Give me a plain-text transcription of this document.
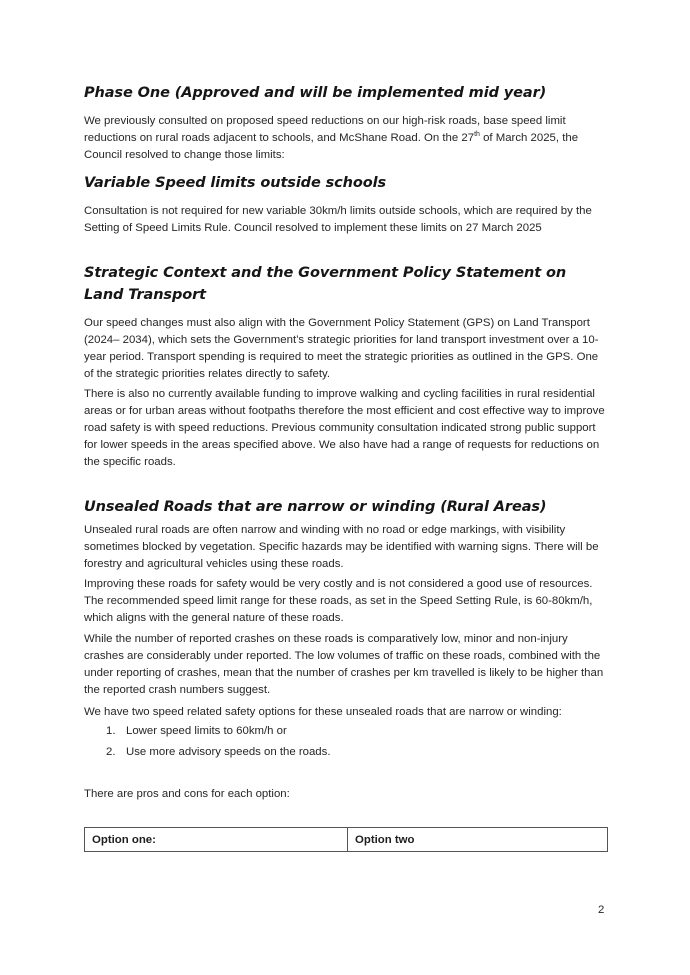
Phase One (Approved and will be implemented mid year)

We previously consulted on proposed speed reductions on our high-risk roads, base speed limit reductions on rural roads adjacent to schools, and McShane Road. On the 27th of March 2025, the Council resolved to change those limits:

Variable Speed limits outside schools

Consultation is not required for new variable 30km/h limits outside schools, which are required by the Setting of Speed Limits Rule. Council resolved to implement these limits on 27 March 2025

Strategic Context and the Government Policy Statement on Land Transport

Our speed changes must also align with the Government Policy Statement (GPS) on Land Transport (2024– 2034), which sets the Government’s strategic priorities for land transport investment over a 10-year period. Transport spending is required to meet the strategic priorities as outlined in the GPS. One of the strategic priorities relates directly to safety.

There is also no currently available funding to improve walking and cycling facilities in rural residential areas or for urban areas without footpaths therefore the most efficient and cost effective way to improve road safety is with speed reductions. Previous community consultation indicated strong public support for lower speeds in the areas specified above. We also have had a range of requests for reductions on the specific roads.

Unsealed Roads that are narrow or winding (Rural Areas)

Unsealed rural roads are often narrow and winding with no road or edge markings, with visibility sometimes blocked by vegetation. Specific hazards may be identified with warning signs. There will be forestry and agricultural vehicles using these roads.

Improving these roads for safety would be very costly and is not considered a good use of resources. The recommended speed limit range for these roads, as set in the Speed Setting Rule, is 60-80km/h, which aligns with the general nature of these roads.

While the number of reported crashes on these roads is comparatively low, minor and non-injury crashes are considerably under reported. The low volumes of traffic on these roads, combined with the under reporting of crashes, mean that the number of crashes per km travelled is likely to be higher than the reported crash numbers suggest.

We have two speed related safety options for these unsealed roads that are narrow or winding:

1. Lower speed limits to 60km/h or
2. Use more advisory speeds on the roads.

There are pros and cons for each option:

Option one:	Option two
2
